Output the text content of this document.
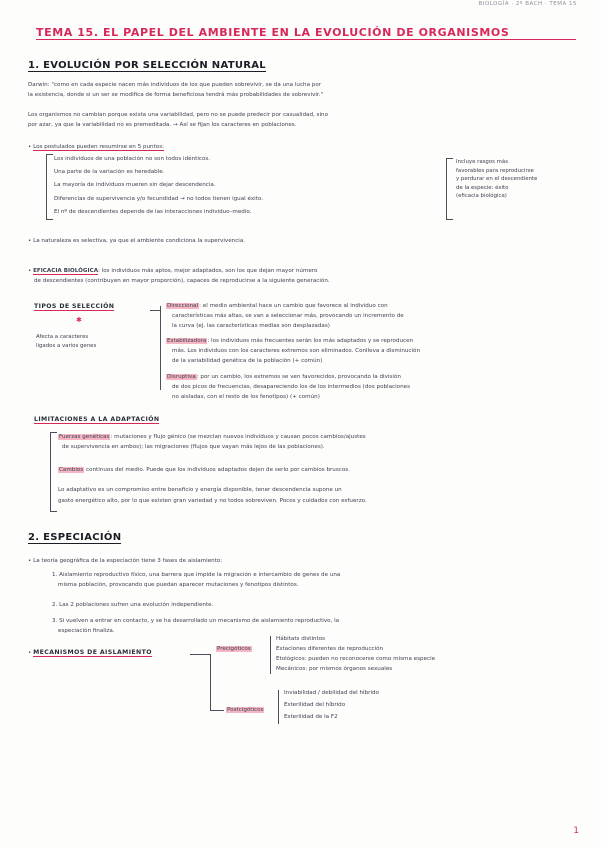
BIOLOGÍA · 2º BACH · TEMA 15
TEMA 15. EL PAPEL DEL AMBIENTE EN LA EVOLUCIÓN DE ORGANISMOS
1. EVOLUCIÓN POR SELECCIÓN NATURAL
Darwin: "como en cada especie nacen más individuos de los que pueden sobrevivir, se da una lucha por
la existencia, donde si un ser se modifica de forma beneficiosa tendrá más probabilidades de sobrevivir."
Los organismos no cambian porque exista una variabilidad, pero no se puede predecir por casualidad, sino
por azar, ya que la variabilidad no es premeditada. → Así se fijan los caracteres en poblaciones.
• Los postulados pueden resumirse en 5 puntos:
Los individuos de una población no son todos idénticos.
Una parte de la variación es heredable.
La mayoría de individuos mueren sin dejar descendencia.
Diferencias de supervivencia y/o fecundidad → no todos tienen igual éxito.
El nº de descendientes depende de las interacciones individuo–medio.
Incluye rasgos más
favorables para reproducirse
y perdurar en el descendiente
de la especie: éxito
(eficacia biológica)
• La naturaleza es selectiva, ya que el ambiente condiciona la supervivencia.
• EFICACIA BIOLÓGICA: los individuos más aptos, mejor adaptados, son los que dejan mayor número
de descendientes (contribuyen en mayor proporción), capaces de reproducirse a la siguiente generación.
TIPOS DE SELECCIÓN
✱
Afecta a caracteres
ligados a varios genes
Direccional: el medio ambiental hace un cambio que favorece al individuo con
características más altas, se van a seleccionar más, provocando un incremento de
la curva (ej. las características medias son desplazadas)
Estabilizadora: los individuos más frecuentes serán los más adaptados y se reproducen
más. Los individuos con los caracteres extremos son eliminados. Conlleva a disminución
de la variabilidad genética de la población (+ común)
Disruptiva: por un cambio, los extremos se ven favorecidos, provocando la división
de dos picos de frecuencias, desapareciendo los de los intermedios (dos poblaciones
no aisladas, con el resto de los fenotipos) (+ común)
LIMITACIONES A LA ADAPTACIÓN
Fuerzas genéticas: mutaciones y flujo génico (se mezclan nuevos individuos y causan pocos cambios/ajustes
de supervivencia en ambos); las migraciones (flujos que vayan más lejos de las poblaciones).
Cambios continuos del medio. Puede que los individuos adaptados dejen de serlo por cambios bruscos.
Lo adaptativo es un compromiso entre beneficio y energía disponible, tener descendencia supone un
gasto energético alto, por lo que existen gran variedad y no todos sobreviven. Pocos y cuidados con esfuerzo.
2. ESPECIACIÓN
• La teoría geográfica de la especiación tiene 3 fases de aislamiento:
1. Aislamiento reproductivo físico, una barrera que impide la migración e intercambio de genes de una
misma población, provocando que puedan aparecer mutaciones y fenotipos distintos.
2. Las 2 poblaciones sufren una evolución independiente.
3. Si vuelven a entrar en contacto, y se ha desarrollado un mecanismo de aislamiento reproductivo, la
especiación finaliza.
• MECANISMOS DE AISLAMIENTO	Precigóticos
Hábitats distintos
Estaciones diferentes de reproducción
Etológicos: pueden no reconocerse como misma especie
Mecánicos: por mismos órganos sexuales
Postcigóticos
Inviabilidad / debilidad del híbrido
Esterilidad del híbrido
Esterilidad de la F2
1
